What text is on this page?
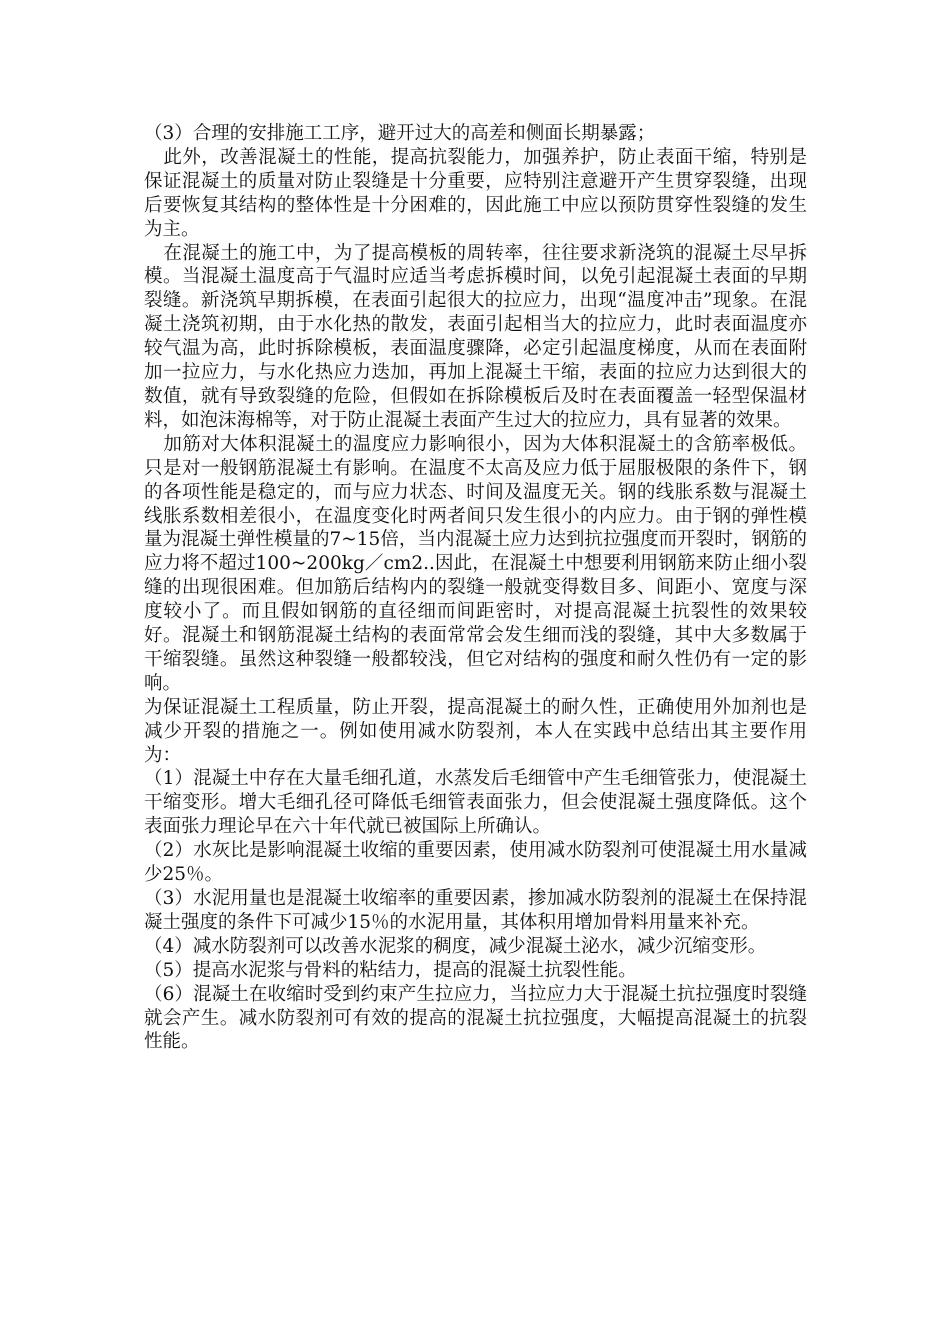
（3）合理的安排施工工序，避开过大的高差和侧面长期暴露；

此外，改善混凝土的性能，提高抗裂能力，加强养护，防止表面干缩，特别是保证混凝土的质量对防止裂缝是十分重要，应特别注意避开产生贯穿裂缝，出现后要恢复其结构的整体性是十分困难的，因此施工中应以预防贯穿性裂缝的发生为主。

在混凝土的施工中，为了提高模板的周转率，往往要求新浇筑的混凝土尽早拆模。当混凝土温度高于气温时应适当考虑拆模时间，以免引起混凝土表面的早期裂缝。新浇筑早期拆模，在表面引起很大的拉应力，出现“温度冲击”现象。在混凝土浇筑初期，由于水化热的散发，表面引起相当大的拉应力，此时表面温度亦较气温为高，此时拆除模板，表面温度骤降，必定引起温度梯度，从而在表面附加一拉应力，与水化热应力迭加，再加上混凝土干缩，表面的拉应力达到很大的数值，就有导致裂缝的危险，但假如在拆除模板后及时在表面覆盖一轻型保温材料，如泡沫海棉等，对于防止混凝土表面产生过大的拉应力，具有显著的效果。

加筋对大体积混凝土的温度应力影响很小，因为大体积混凝土的含筋率极低。只是对一般钢筋混凝土有影响。在温度不太高及应力低于屈服极限的条件下，钢的各项性能是稳定的，而与应力状态、时间及温度无关。钢的线胀系数与混凝土线胀系数相差很小，在温度变化时两者间只发生很小的内应力。由于钢的弹性模量为混凝土弹性模量的7~15倍，当内混凝土应力达到抗拉强度而开裂时，钢筋的应力将不超过100~200kg／cm2..因此，在混凝土中想要利用钢筋来防止细小裂缝的出现很困难。但加筋后结构内的裂缝一般就变得数目多、间距小、宽度与深度较小了。而且假如钢筋的直径细而间距密时，对提高混凝土抗裂性的效果较好。混凝土和钢筋混凝土结构的表面常常会发生细而浅的裂缝，其中大多数属于干缩裂缝。虽然这种裂缝一般都较浅，但它对结构的强度和耐久性仍有一定的影响。

为保证混凝土工程质量，防止开裂，提高混凝土的耐久性，正确使用外加剂也是减少开裂的措施之一。例如使用减水防裂剂，本人在实践中总结出其主要作用为：

（1）混凝土中存在大量毛细孔道，水蒸发后毛细管中产生毛细管张力，使混凝土干缩变形。增大毛细孔径可降低毛细管表面张力，但会使混凝土强度降低。这个表面张力理论早在六十年代就已被国际上所确认。

（2）水灰比是影响混凝土收缩的重要因素，使用减水防裂剂可使混凝土用水量减少25％。

（3）水泥用量也是混凝土收缩率的重要因素，掺加减水防裂剂的混凝土在保持混凝土强度的条件下可减少15％的水泥用量，其体积用增加骨料用量来补充。

（4）减水防裂剂可以改善水泥浆的稠度，减少混凝土泌水，减少沉缩变形。

（5）提高水泥浆与骨料的粘结力，提高的混凝土抗裂性能。

（6）混凝土在收缩时受到约束产生拉应力，当拉应力大于混凝土抗拉强度时裂缝就会产生。减水防裂剂可有效的提高的混凝土抗拉强度，大幅提高混凝土的抗裂性能。
